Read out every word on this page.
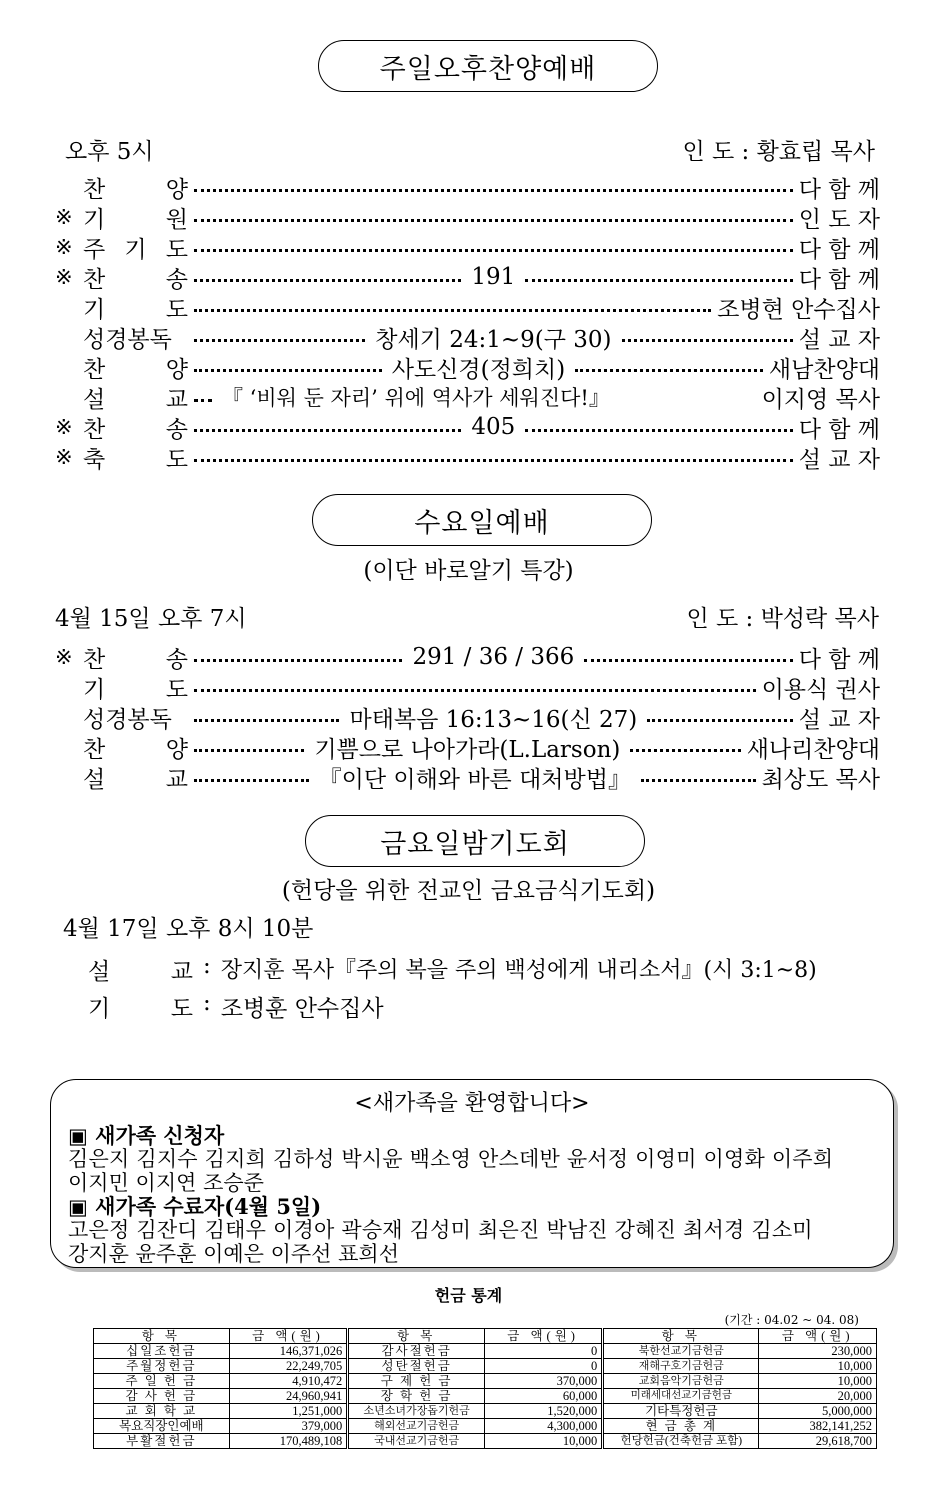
주일오후찬양예배
오후 5시	인 도 : 황효립 목사
찬	양	다 함 께
※ 기	원	인 도 자
※ 주 기 도	다 함 께
※ 찬	송	191	다 함 께
기	도	조병현 안수집사
성경봉독	창세기 24:1~9(구 30)	설 교 자
찬	양	사도신경(정희치)	새남찬양대
설	교 『 ‘비워 둔 자리’ 위에 역사가 세워진다!』	이지영 목사
※ 찬	송	405	다 함 께
※ 축	도	설 교 자
수요일예배
(이단 바로알기 특강)
4월 15일 오후 7시	인 도 : 박성락 목사
※ 찬	송	291 / 36 / 366	다 함 께
기	도	이용식 권사
성경봉독	마태복음 16:13~16(신 27)	설 교 자
찬	양	기쁨으로 나아가라(L.Larson)	새나리찬양대
설	교	『이단 이해와 바른 대처방법』	최상도 목사
금요일밤기도회
(헌당을 위한 전교인 금요금식기도회)
4월 17일 오후 8시 10분
설	교 : 장지훈 목사『주의 복을 주의 백성에게 내리소서』(시 3:1~8)
기	도 : 조병훈 안수집사
<새가족을 환영합니다>
▣ 새가족 신청자
김은지 김지수 김지희 김하성 박시윤 백소영 안스데반 윤서정 이영미 이영화 이주희
이지민 이지연 조승준
▣ 새가족 수료자(4월 5일)
고은정 김잔디 김태우 이경아 곽승재 김성미 최은진 박남진 강혜진 최서경 김소미
강지훈 윤주훈 이예은 이주선 표희선
헌금 통계
(기간 : 04.02 ~ 04. 08)
항 목	금 액(원)	항 목	금 액(원)	항 목	금 액(원)
십일조헌금	146,371,026	감사절헌금	0	북한선교기금헌금	230,000
주월정헌금	22,249,705	성탄절헌금	0	재해구호기금헌금	10,000
주 일 헌 금	4,910,472	구 제 헌 금	370,000	교회음악기금헌금	10,000
감 사 헌 금	24,960,941	장 학 헌 금	60,000	미래세대선교기금헌금	20,000
교 회 학 교	1,251,000	소년소녀가장돕기헌금	1,520,000	기타특정헌금	5,000,000
목요직장인예배	379,000	해외선교기금헌금	4,300,000	현 금 총 계	382,141,252
부활절헌금	170,489,108	국내선교기금헌금	10,000	헌당헌금(건축헌금 포함)	29,618,700
